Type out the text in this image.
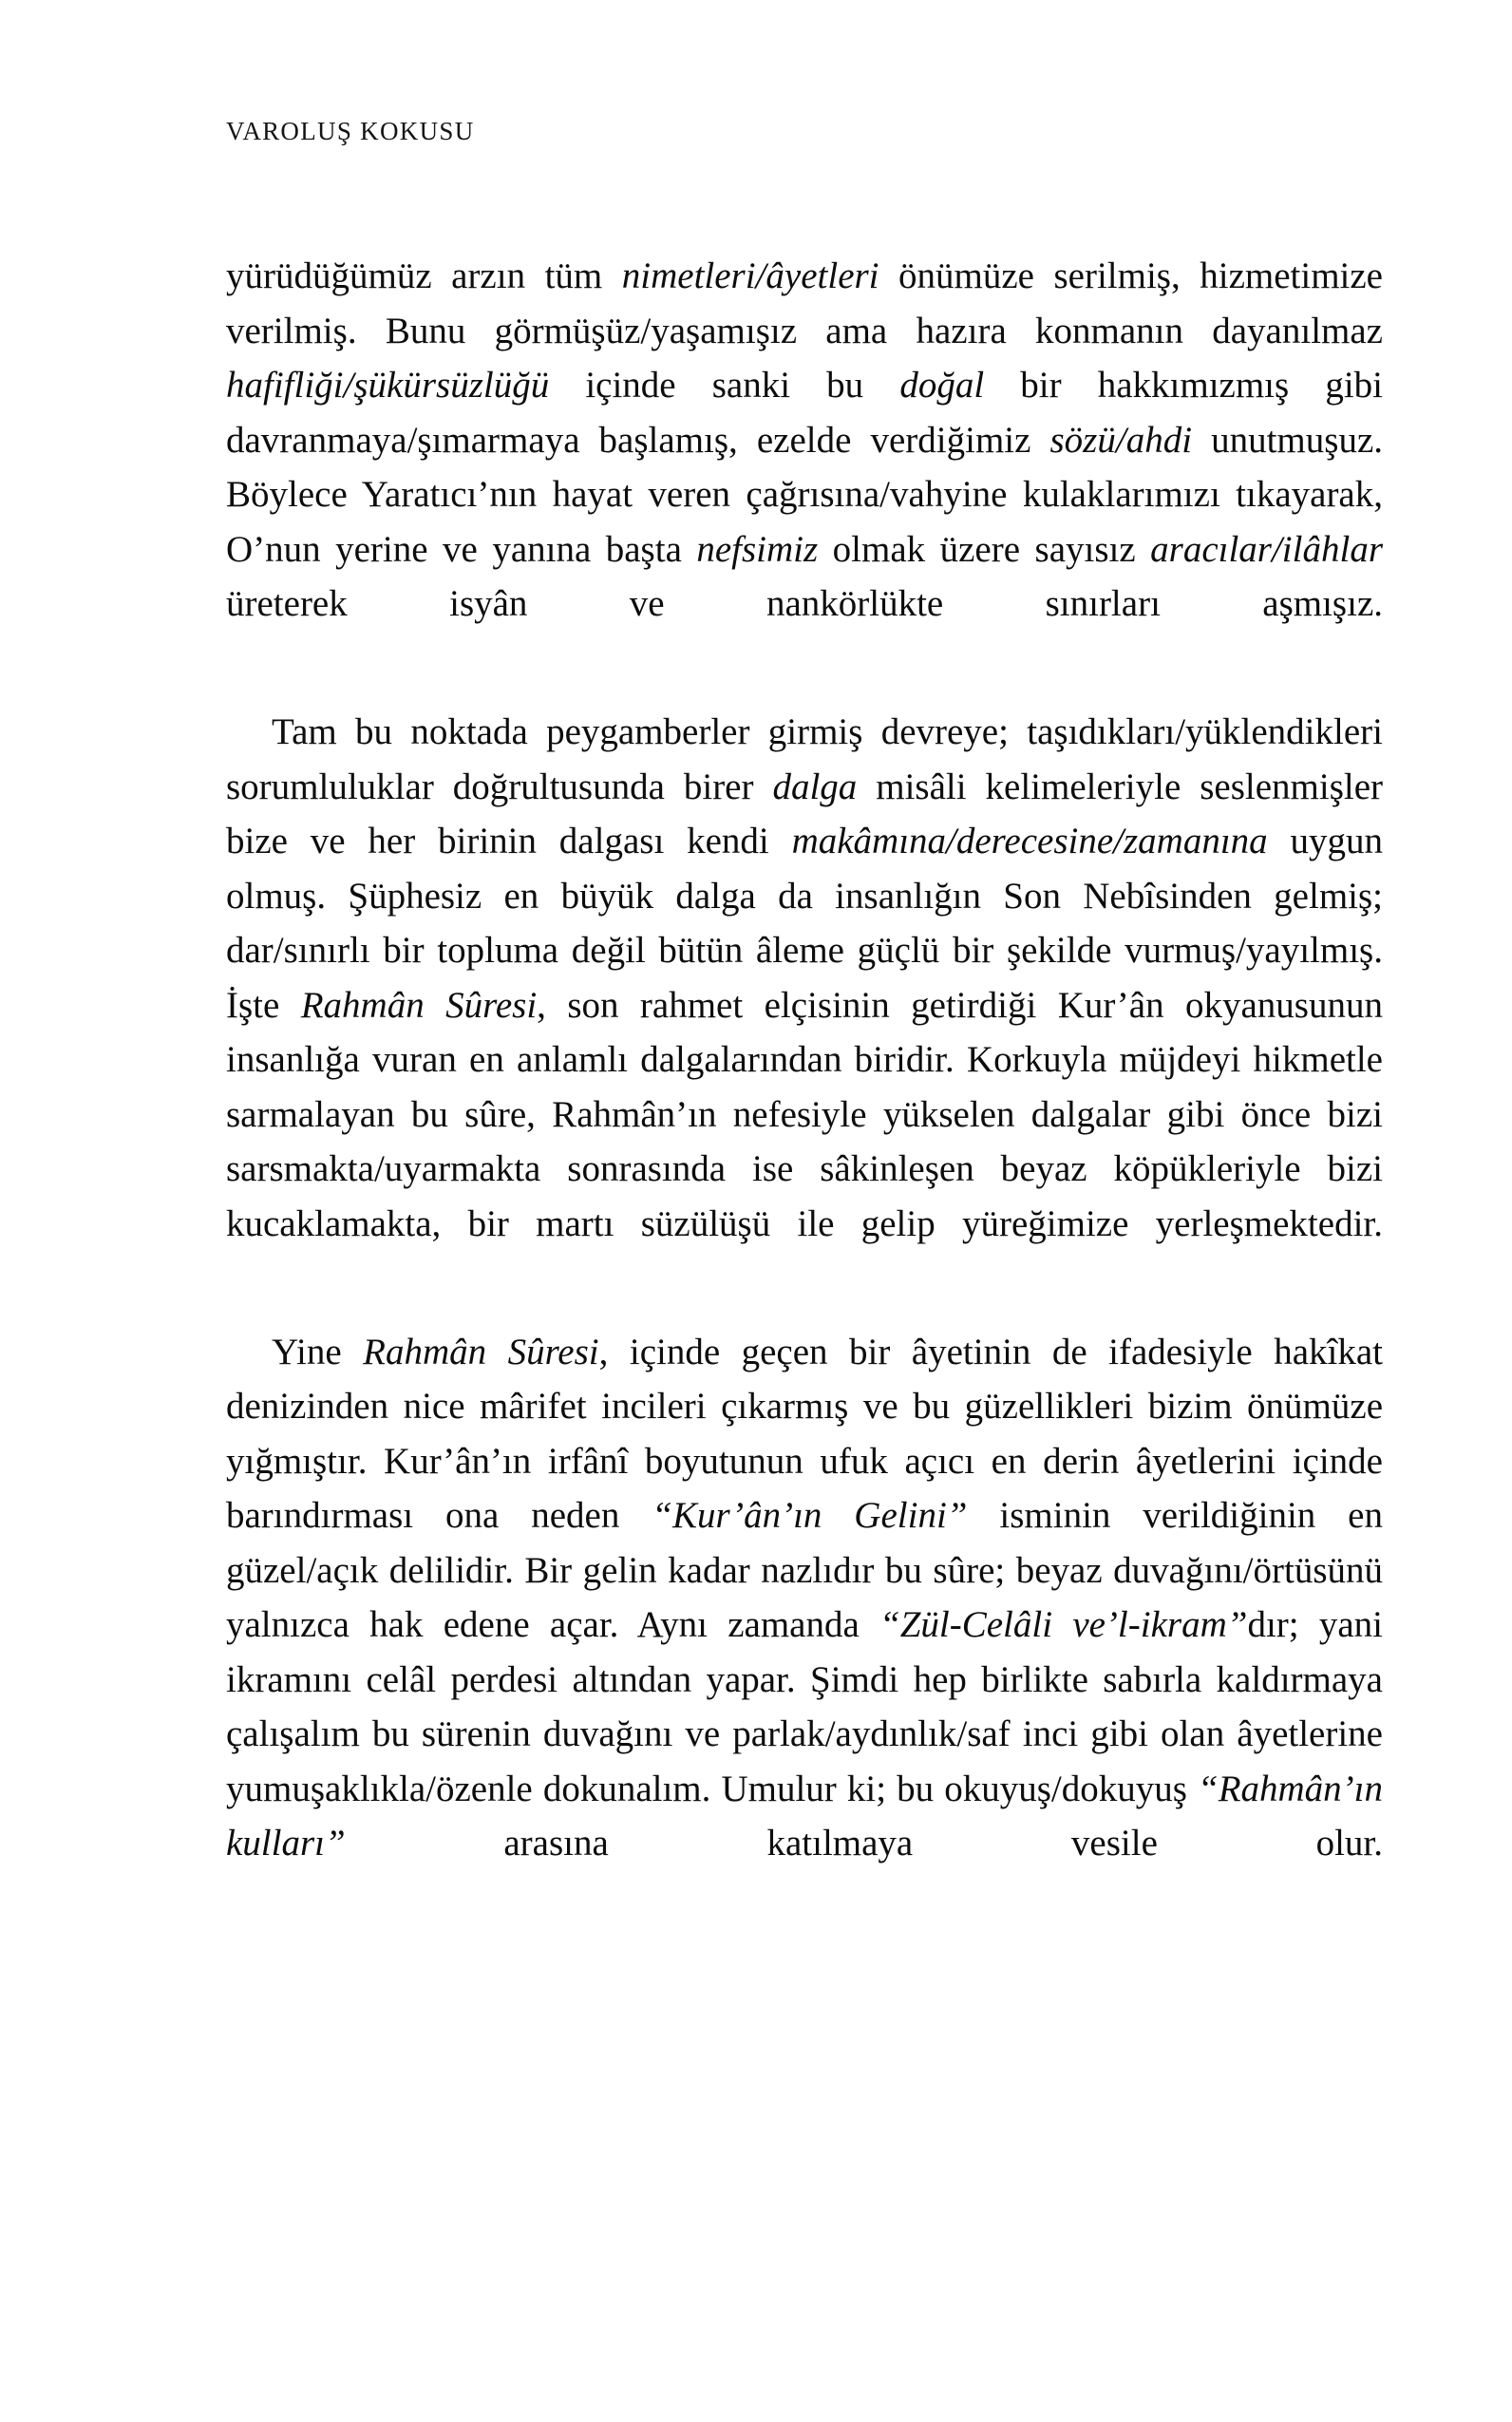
VAROLUŞ KOKUSU

yürüdüğümüz arzın tüm nimetleri/âyetleri önümüze serilmiş, hizmetimize verilmiş. Bunu görmüşüz/yaşamışız ama hazıra konmanın dayanılmaz hafifliği/şükürsüzlüğü içinde sanki bu doğal bir hakkımızmış gibi davranmaya/şımarmaya başlamış, ezelde verdiğimiz sözü/ahdi unutmuşuz. Böylece Yaratıcı’nın hayat veren çağrısına/vahyine kulaklarımızı tıkayarak, O’nun yerine ve yanına başta nefsimiz olmak üzere sayısız aracılar/ilâhlar üreterek isyân ve nankörlükte sınırları aşmışız.

Tam bu noktada peygamberler girmiş devreye; taşıdıkları/yüklendikleri sorumluluklar doğrultusunda birer dalga misâli kelimeleriyle seslenmişler bize ve her birinin dalgası kendi makâmına/derecesine/zamanına uygun olmuş. Şüphesiz en büyük dalga da insanlığın Son Nebîsinden gelmiş; dar/sınırlı bir topluma değil bütün âleme güçlü bir şekilde vurmuş/yayılmış. İşte Rahmân Sûresi, son rahmet elçisinin getirdiği Kur’ân okyanusunun insanlığa vuran en anlamlı dalgalarından biridir. Korkuyla müjdeyi hikmetle sarmalayan bu sûre, Rahmân’ın nefesiyle yükselen dalgalar gibi önce bizi sarsmakta/uyarmakta sonrasında ise sâkinleşen beyaz köpükleriyle bizi kucaklamakta, bir martı süzülüşü ile gelip yüreğimize yerleşmektedir.

Yine Rahmân Sûresi, içinde geçen bir âyetinin de ifadesiyle hakîkat denizinden nice mârifet incileri çıkarmış ve bu güzellikleri bizim önümüze yığmıştır. Kur’ân’ın irfânî boyutunun ufuk açıcı en derin âyetlerini içinde barındırması ona neden “Kur’ân’ın Gelini” isminin verildiğinin en güzel/açık delilidir. Bir gelin kadar nazlıdır bu sûre; beyaz duvağını/örtüsünü yalnızca hak edene açar. Aynı zamanda “Zül-Celâli ve’l-ikram”dır; yani ikramını celâl perdesi altından yapar. Şimdi hep birlikte sabırla kaldırmaya çalışalım bu sürenin duvağını ve parlak/aydınlık/saf inci gibi olan âyetlerine yumuşaklıkla/özenle dokunalım. Umulur ki; bu okuyuş/dokuyuş “Rahmân’ın kulları” arasına katılmaya vesile olur.
